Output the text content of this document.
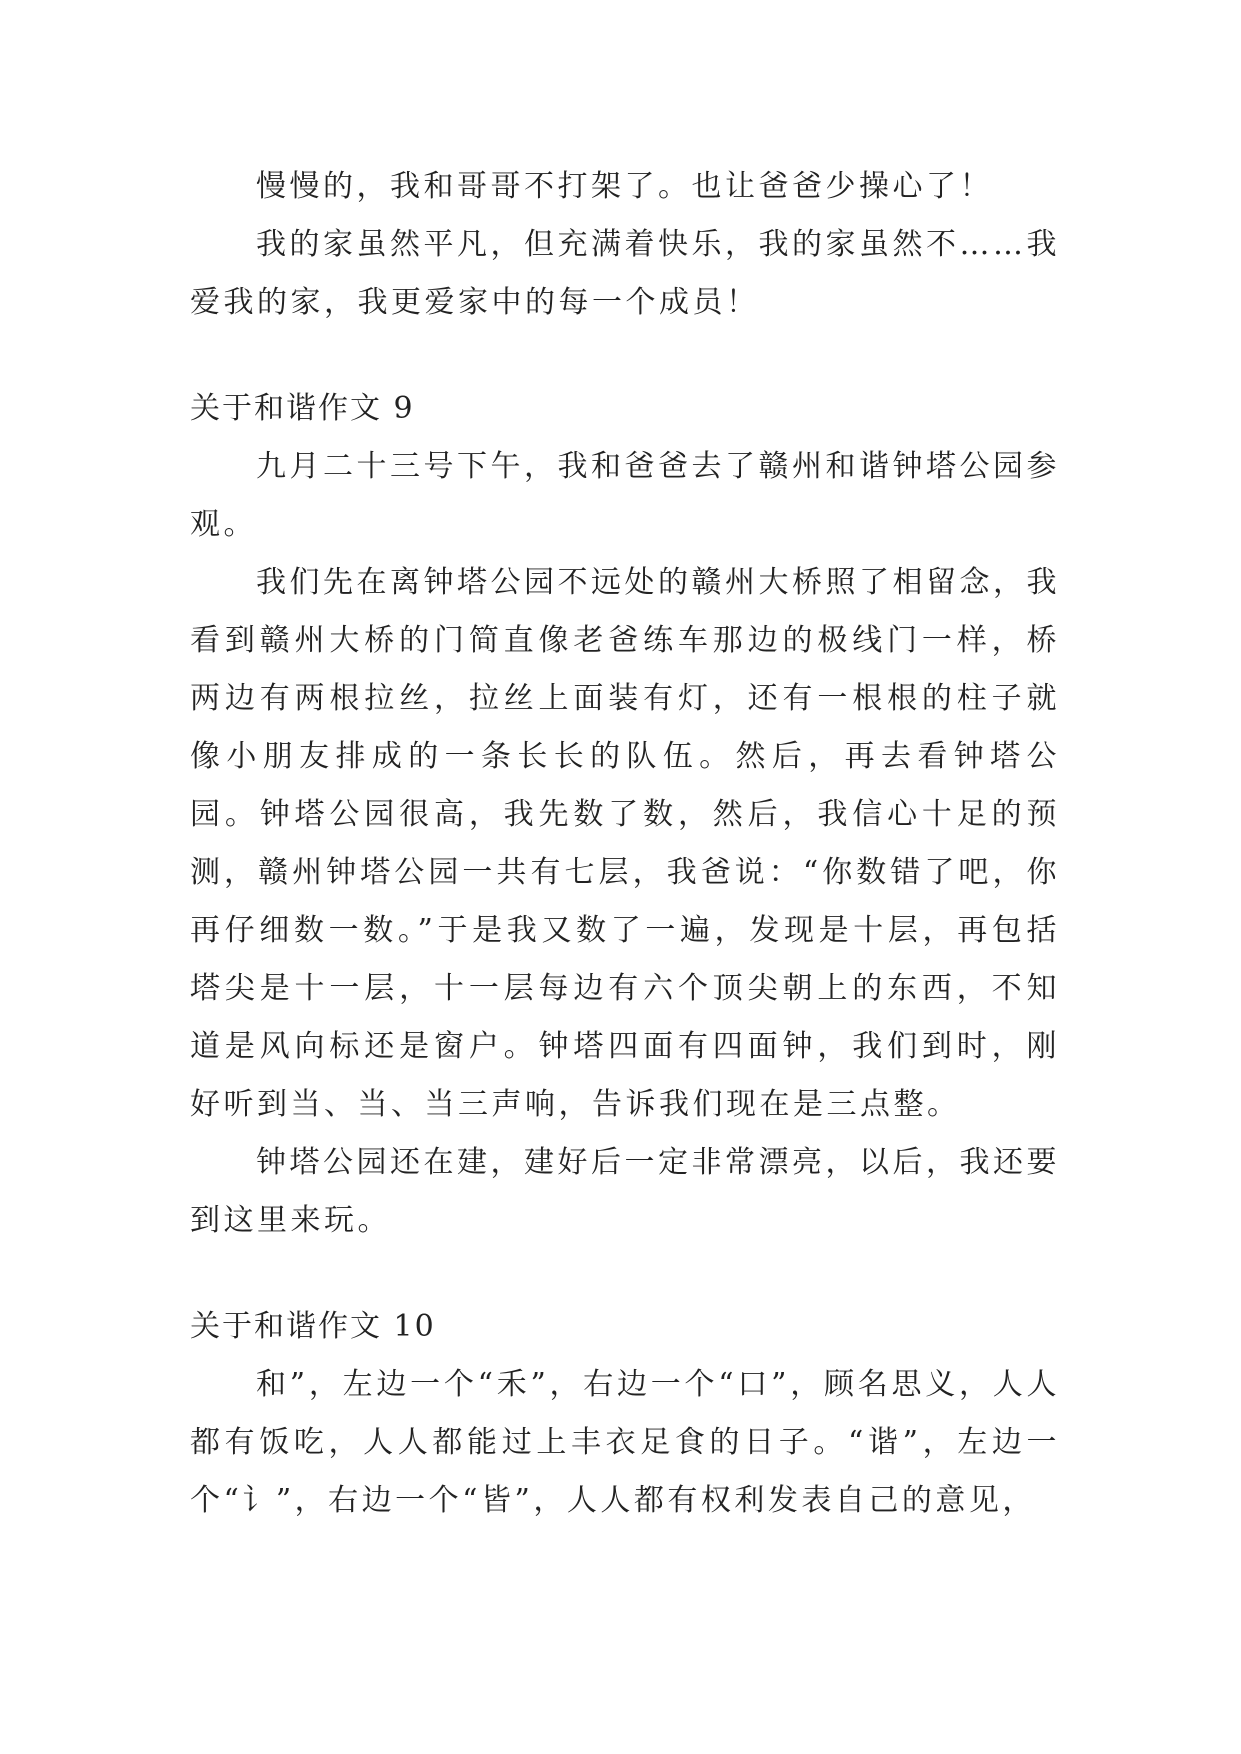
慢慢的，我和哥哥不打架了。也让爸爸少操心了！

我的家虽然平凡，但充满着快乐，我的家虽然不……我爱我的家，我更爱家中的每一个成员！

关于和谐作文 9

九月二十三号下午，我和爸爸去了赣州和谐钟塔公园参观。

我们先在离钟塔公园不远处的赣州大桥照了相留念，我看到赣州大桥的门简直像老爸练车那边的极线门一样，桥两边有两根拉丝，拉丝上面装有灯，还有一根根的柱子就像小朋友排成的一条长长的队伍。然后，再去看钟塔公园。钟塔公园很高，我先数了数，然后，我信心十足的预测，赣州钟塔公园一共有七层，我爸说：“你数错了吧，你再仔细数一数。”于是我又数了一遍，发现是十层，再包括塔尖是十一层，十一层每边有六个顶尖朝上的东西，不知道是风向标还是窗户。钟塔四面有四面钟，我们到时，刚好听到当、当、当三声响，告诉我们现在是三点整。

钟塔公园还在建，建好后一定非常漂亮，以后，我还要到这里来玩。

关于和谐作文 10

和”，左边一个“禾”，右边一个“口”，顾名思义，人人都有饭吃，人人都能过上丰衣足食的日子。“谐”，左边一个“讠”，右边一个“皆”，人人都有权利发表自己的意见，
